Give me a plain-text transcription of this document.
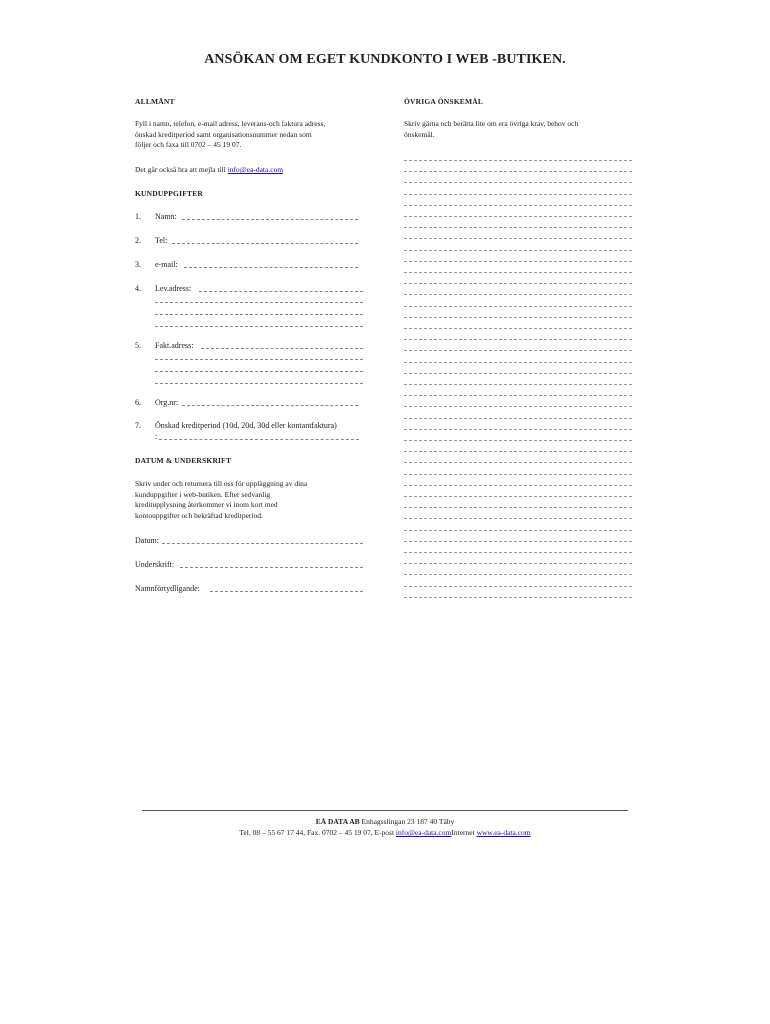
ANSÖKAN OM EGET KUNDKONTO I WEB -BUTIKEN.
ALLMÄNT
Fyll i namn, telefon, e-mail adress, leverans-och faktura adress,
önskad kreditperiod samt organisationsnummer nedan som
följer och faxa till 0702 – 45 19 07.
Det går också bra att mejla till info@ea-data.com
KUNDUPPGIFTER
1. Namn:
2. Tel:
3. e-mail:
4. Lev.adress:
5. Fakt.adress:
6. Org.nr:
7. Önskad kreditperiod (10d, 20d, 30d eller kontantfaktura)
:
DATUM & UNDERSKRIFT
Skriv under och returnera till oss för uppläggning av dina
kunduppgifter i web-butiken. Efter sedvanlig
kreditupplysning återkommer vi inom kort med
kontouppgifter och bekräftad kreditperiod.
Datum:
Underskrift:
Namnförtydligande:
ÖVRIGA ÖNSKEMÅL
Skriv gärna och berätta lite om era övriga krav, behov och
önskemål.
EÅ DATA AB Enhagsslingan 23 187 40 Täby
Tel. 08 – 55 67 17 44, Fax. 0702 – 45 19 07, E-post info@ea-data.comInternet www.ea-data.com
